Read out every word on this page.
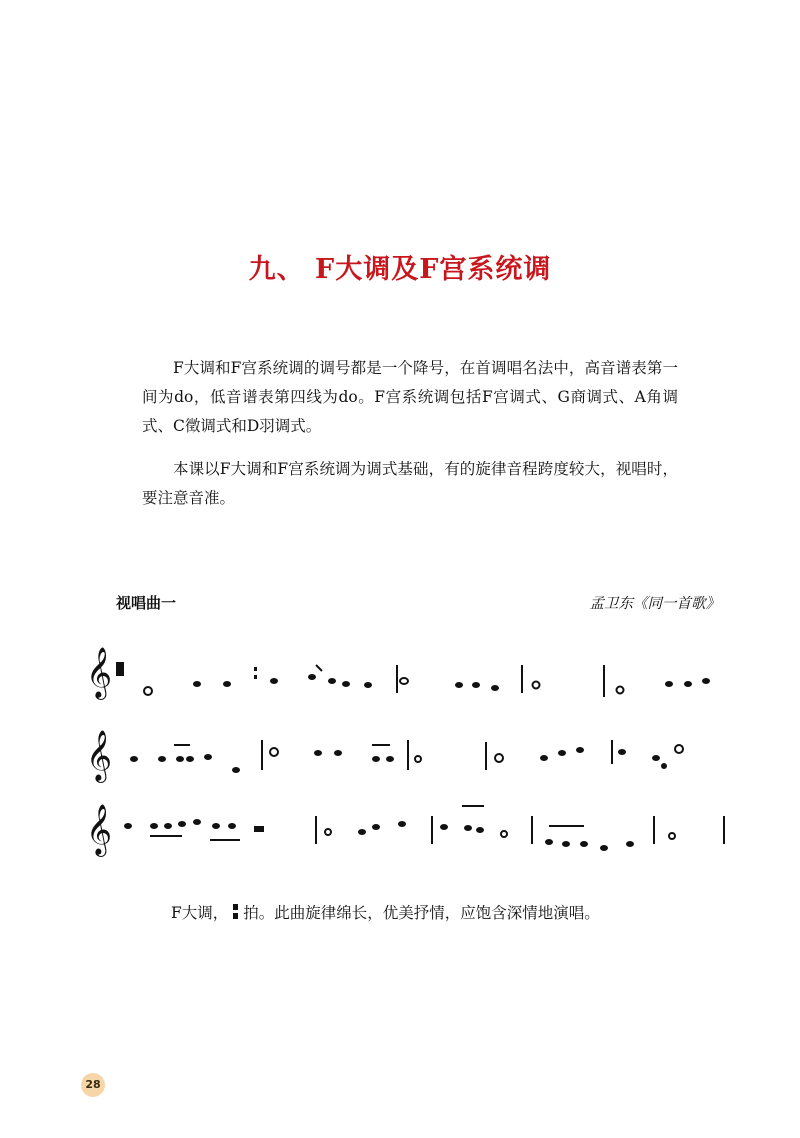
九、 F大调及F宫系统调
F大调和F宫系统调的调号都是一个降号，在首调唱名法中，高音谱表第一间为do，低音谱表第四线为do。F宫系统调包括F宫调式、G商调式、A角调式、C徵调式和D羽调式。
本课以F大调和F宫系统调为调式基础，有的旋律音程跨度较大，视唱时，要注意音准。
视唱曲一	孟卫东《同一首歌》
𝄞
𝄞
𝄞
F大调， 拍。此曲旋律绵长，优美抒情，应饱含深情地演唱。
28
